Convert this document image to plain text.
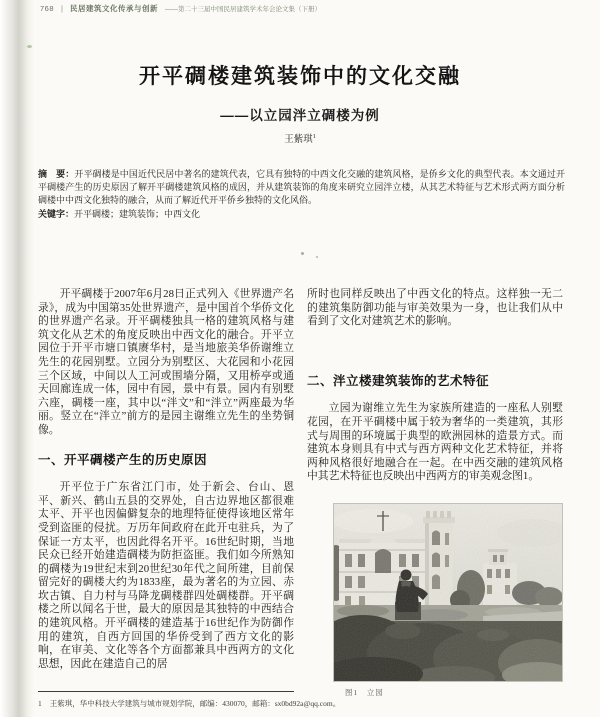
768 | 民居建筑文化传承与创新 ——第二十三届中国民居建筑学术年会论文集（下册）
开平碉楼建筑装饰中的文化交融
——以立园泮立碉楼为例
王紫琪$^1$

摘　要：开平碉楼是中国近代民居中著名的建筑代表，它具有独特的中西文化交融的建筑风格，是侨乡文化的典型代表。本文通过开平碉楼产生的历史原因了解开平碉楼建筑风格的成因，并从建筑装饰的角度来研究立园泮立楼，从其艺术特征与艺术形式两方面分析碉楼中中西文化独特的融合，从而了解近代开平侨乡独特的文化风俗。

关键字：开平碉楼；建筑装饰；中西文化

开平碉楼于2007年6月28日正式列入《世界遗产名录》，成为中国第35处世界遗产，是中国首个华侨文化的世界遗产名录。开平碉楼独具一格的建筑风格与建筑文化从艺术的角度反映出中西文化的融合。开平立园位于开平市塘口镇赓华村，是当地旅美华侨谢维立先生的花园别墅。立园分为别墅区、大花园和小花园三个区域，中间以人工河或围墙分隔，又用桥亭或通天回廊连成一体，园中有园，景中有景。园内有别墅六座，碉楼一座，其中以“泮文”和“泮立”两座最为华丽。竖立在“泮立”前方的是园主谢维立先生的坐势铜像。

一、开平碉楼产生的历史原因

开平位于广东省江门市，处于新会、台山、恩平、新兴、鹤山五县的交界处，自古边界地区都很难太平、开平也因偏僻复杂的地理特征使得该地区常年受到盗匪的侵扰。万历年间政府在此开屯驻兵，为了保证一方太平，也因此得名开平。16世纪时期，当地民众已经开始建造碉楼为防拒盗匪。我们如今所熟知的碉楼为19世纪末到20世纪30年代之间所建，目前保留完好的碉楼大约为1833座，最为著名的为立园、赤坎古镇、自力村与马降龙碉楼群四处碉楼群。开平碉楼之所以闻名于世，最大的原因是其独特的中西结合的建筑风格。开平碉楼的建造基于16世纪作为防御作用的建筑，自西方回国的华侨受到了西方文化的影响，在审美、文化等各个方面都兼具中西两方的文化思想，因此在建造自己的居

所时也同样反映出了中西文化的特点。这样独一无二的建筑集防御功能与审美效果为一身，也让我们从中看到了文化对建筑艺术的影响。

二、泮立楼建筑装饰的艺术特征

立园为谢维立先生为家族所建造的一座私人别墅花园，在开平碉楼中属于较为奢华的一类建筑，其形式与周围的环境属于典型的欧洲园林的造景方式。而建筑本身则具有中式与西方两种文化艺术特征，并将两种风格很好地融合在一起。在中西交融的建筑风格中其艺术特征也反映出中西两方的审美观念图1。

图1　立园
1 王紫琪，华中科技大学建筑与城市规划学院，邮编：430070，邮箱：sx0bd92a@qq.com。
